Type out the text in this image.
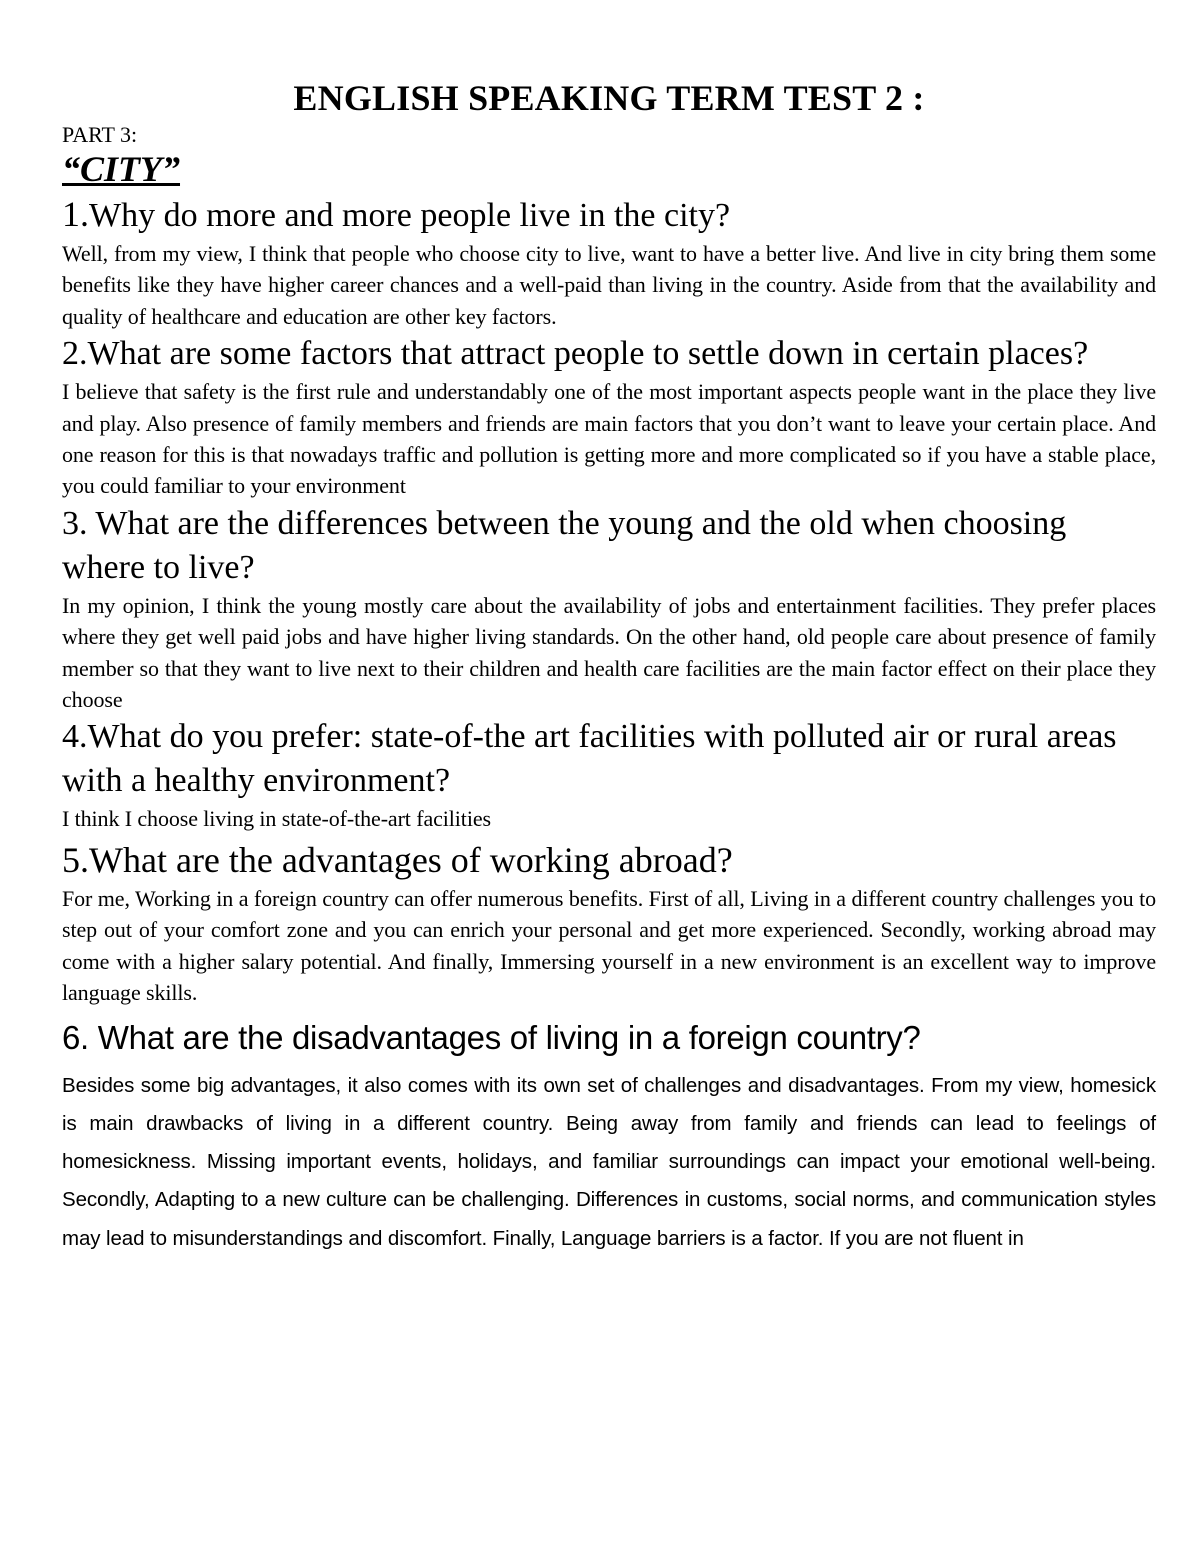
ENGLISH SPEAKING TERM TEST 2 :

PART 3:

“CITY”

1.Why do more and more people live in the city?

Well, from my view, I think that people who choose city to live, want to have a better live. And live in city bring them some benefits like they have higher career chances and a well-paid than living in the country. Aside from that the availability and quality of healthcare and education are other key factors.

2.What are some factors that attract people to settle down in certain places?

I believe that safety is the first rule and understandably one of the most important aspects people want in the place they live and play. Also presence of family members and friends are main factors that you don’t want to leave your certain place. And one reason for this is that nowadays traffic and pollution is getting more and more complicated so if you have a stable place, you could familiar to your environment

3. What are the differences between the young and the old when choosing where to live?

In my opinion, I think the young mostly care about the availability of jobs and entertainment facilities. They prefer places where they get well paid jobs and have higher living standards. On the other hand, old people care about presence of family member so that they want to live next to their children and health care facilities are the main factor effect on their place they choose

4.What do you prefer: state-of-the art facilities with polluted air or rural areas with a healthy environment?

I think I choose living in state-of-the-art facilities

5.What are the advantages of working abroad?

For me, Working in a foreign country can offer numerous benefits. First of all, Living in a different country challenges you to step out of your comfort zone and you can enrich your personal and get more experienced. Secondly, working abroad may come with a higher salary potential. And finally, Immersing yourself in a new environment is an excellent way to improve language skills.

6. What are the disadvantages of living in a foreign country?

Besides some big advantages, it also comes with its own set of challenges and disadvantages. From my view, homesick is main drawbacks of living in a different country. Being away from family and friends can lead to feelings of homesickness. Missing important events, holidays, and familiar surroundings can impact your emotional well-being. Secondly, Adapting to a new culture can be challenging. Differences in customs, social norms, and communication styles may lead to misunderstandings and discomfort. Finally, Language barriers is a factor. If you are not fluent in
